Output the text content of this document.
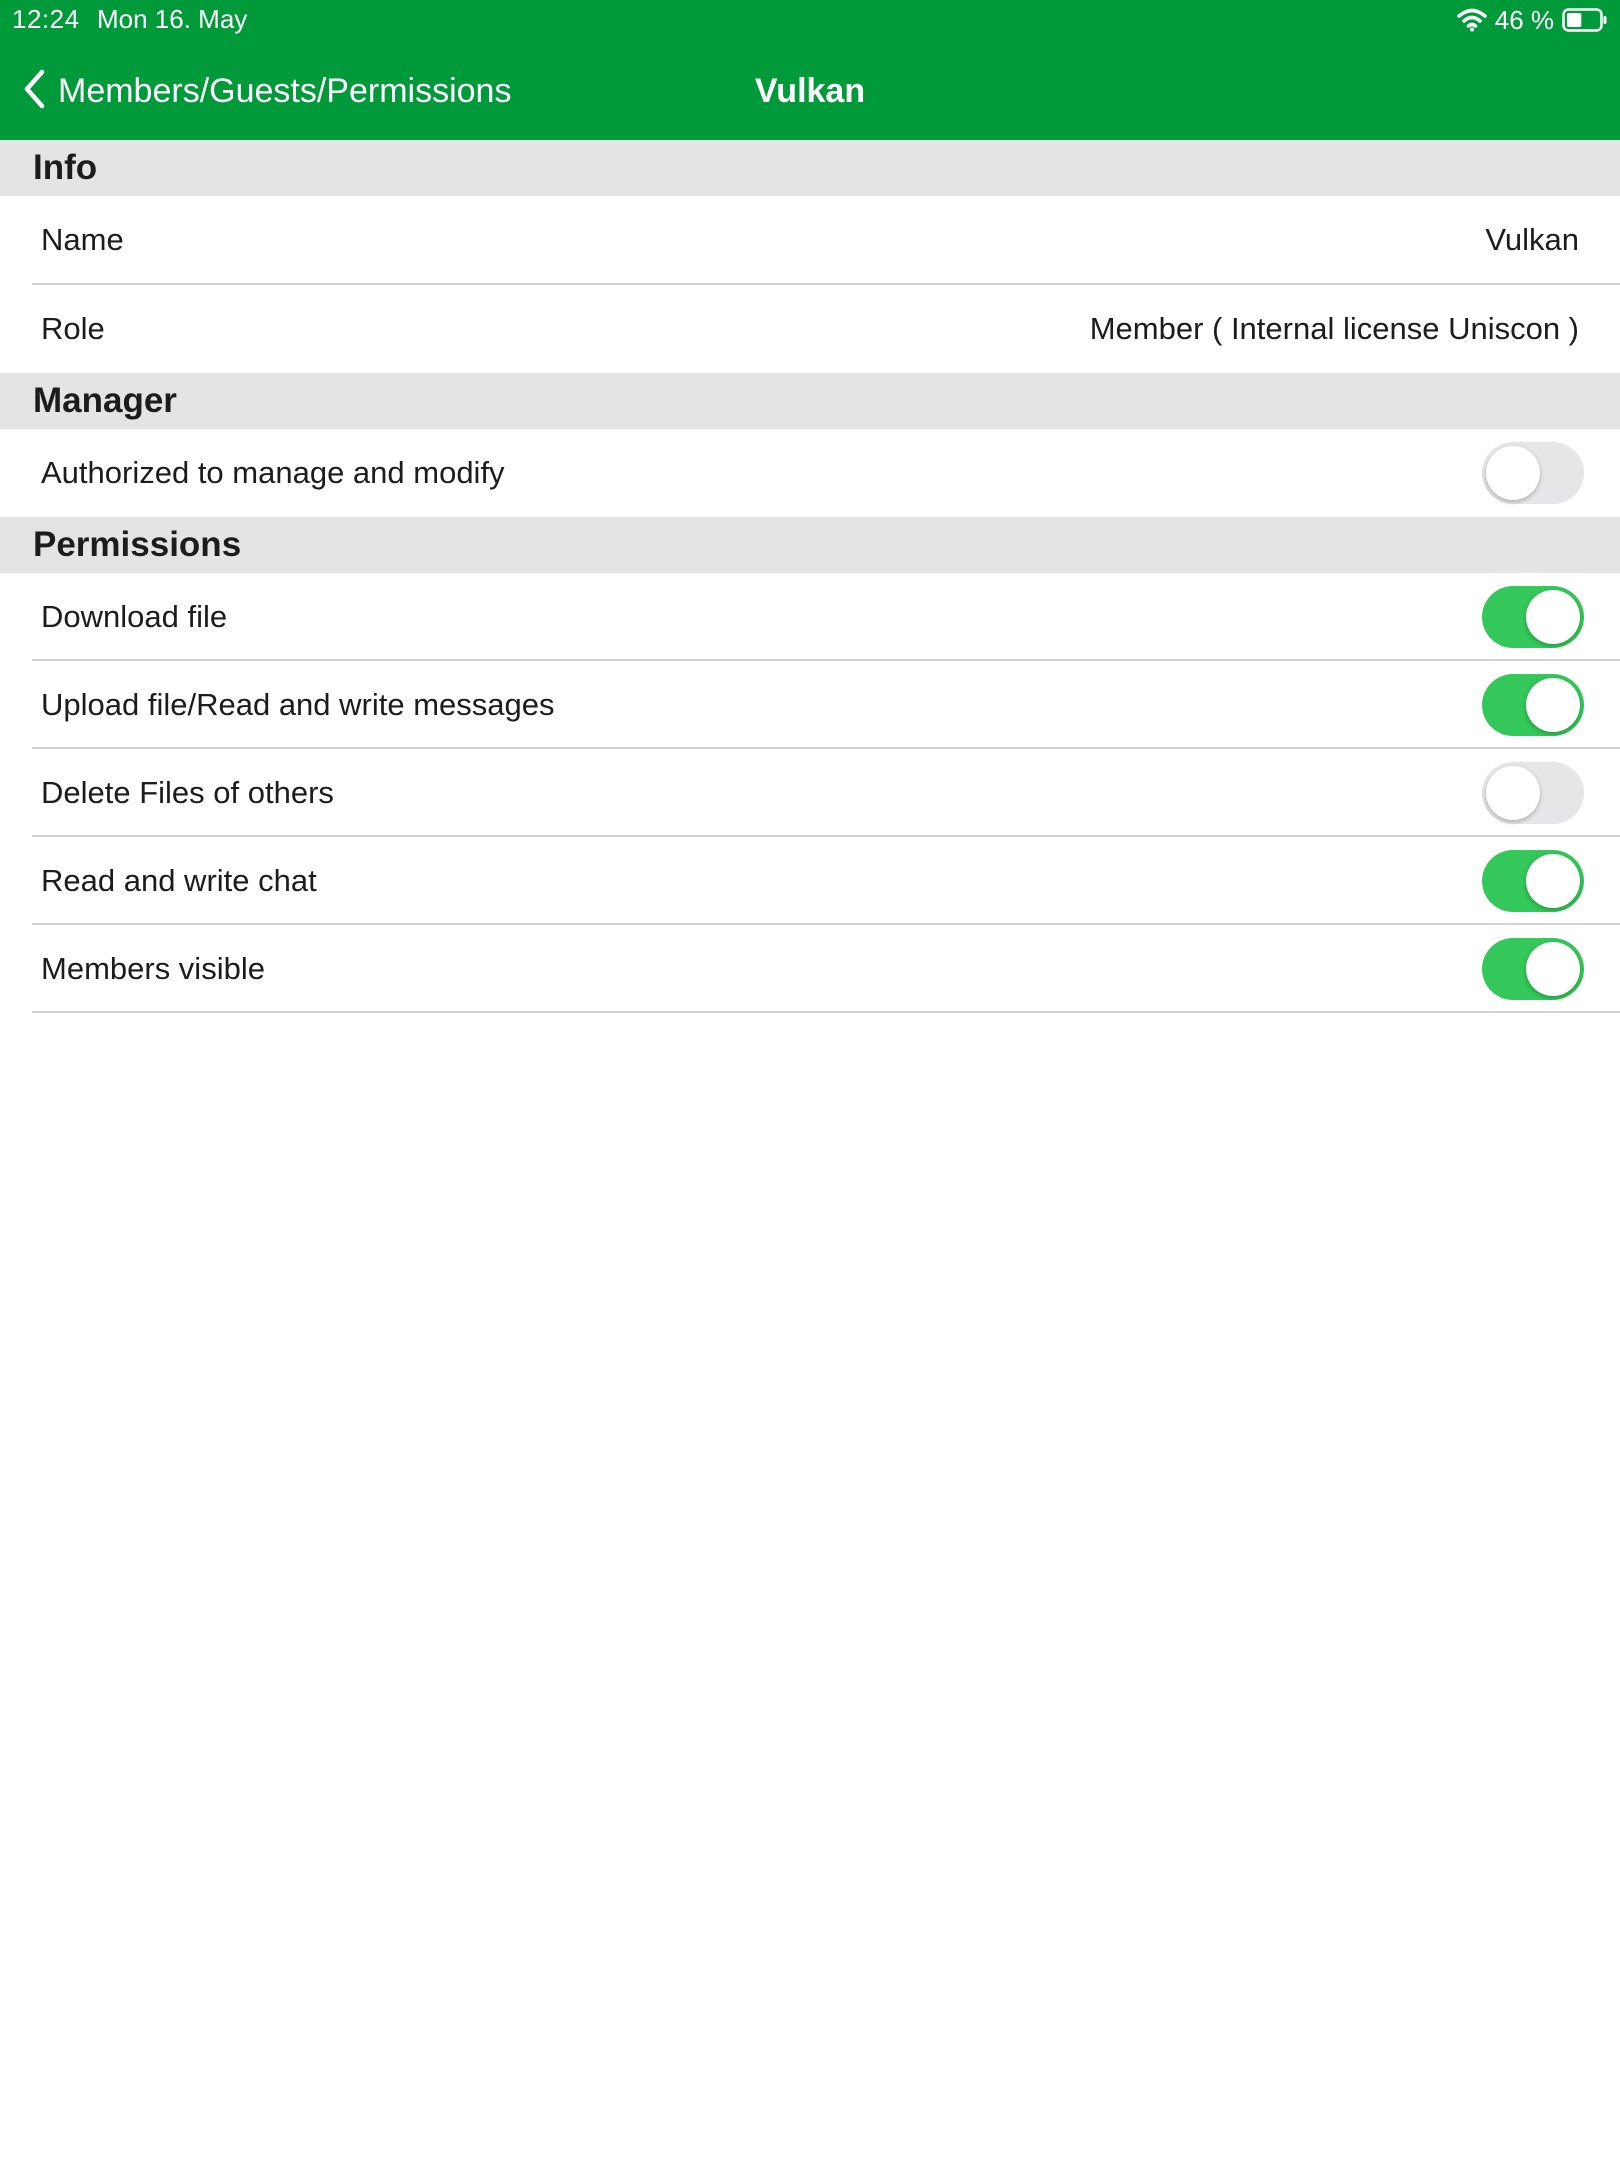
12:24 Mon 16. May	46 %
Members/Guests/Permissions	Vulkan
Info
Name	Vulkan
Role	Member ( Internal license Uniscon )
Manager
Authorized to manage and modify
Permissions
Download file
Upload file/Read and write messages
Delete Files of others
Read and write chat
Members visible
